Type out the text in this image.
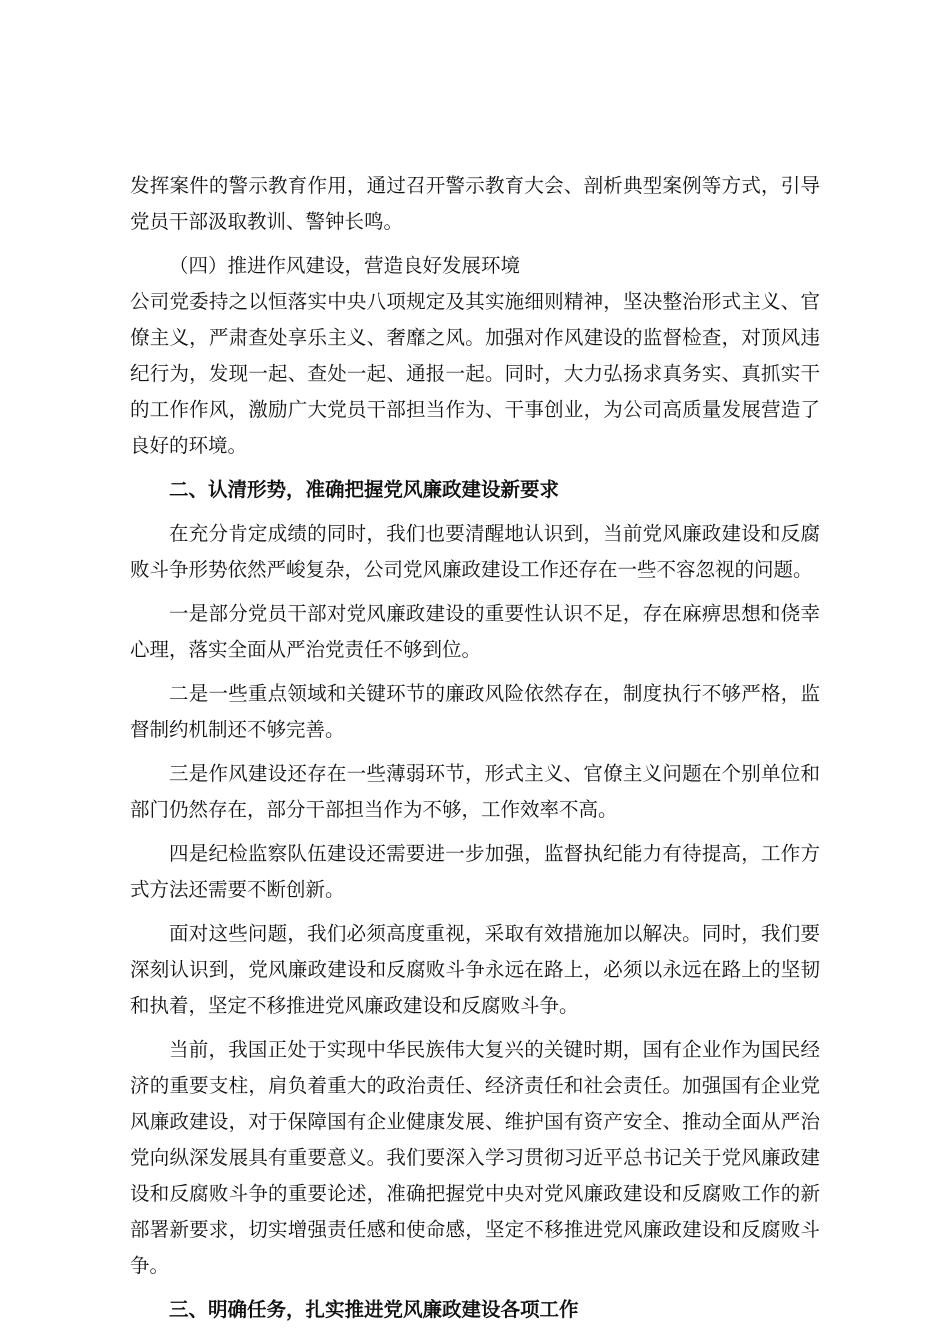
发挥案件的警示教育作用，通过召开警示教育大会、剖析典型案例等方式，引导党员干部汲取教训、警钟长鸣。

（四）推进作风建设，营造良好发展环境

公司党委持之以恒落实中央八项规定及其实施细则精神，坚决整治形式主义、官僚主义，严肃查处享乐主义、奢靡之风。加强对作风建设的监督检查，对顶风违纪行为，发现一起、查处一起、通报一起。同时，大力弘扬求真务实、真抓实干的工作作风，激励广大党员干部担当作为、干事创业，为公司高质量发展营造了良好的环境。

二、认清形势，准确把握党风廉政建设新要求

在充分肯定成绩的同时，我们也要清醒地认识到，当前党风廉政建设和反腐败斗争形势依然严峻复杂，公司党风廉政建设工作还存在一些不容忽视的问题。

一是部分党员干部对党风廉政建设的重要性认识不足，存在麻痹思想和侥幸心理，落实全面从严治党责任不够到位。

二是一些重点领域和关键环节的廉政风险依然存在，制度执行不够严格，监督制约机制还不够完善。

三是作风建设还存在一些薄弱环节，形式主义、官僚主义问题在个别单位和部门仍然存在，部分干部担当作为不够，工作效率不高。

四是纪检监察队伍建设还需要进一步加强，监督执纪能力有待提高，工作方式方法还需要不断创新。

面对这些问题，我们必须高度重视，采取有效措施加以解决。同时，我们要深刻认识到，党风廉政建设和反腐败斗争永远在路上，必须以永远在路上的坚韧和执着，坚定不移推进党风廉政建设和反腐败斗争。

当前，我国正处于实现中华民族伟大复兴的关键时期，国有企业作为国民经济的重要支柱，肩负着重大的政治责任、经济责任和社会责任。加强国有企业党风廉政建设，对于保障国有企业健康发展、维护国有资产安全、推动全面从严治党向纵深发展具有重要意义。我们要深入学习贯彻习近平总书记关于党风廉政建设和反腐败斗争的重要论述，准确把握党中央对党风廉政建设和反腐败工作的新部署新要求，切实增强责任感和使命感，坚定不移推进党风廉政建设和反腐败斗争。

三、明确任务，扎实推进党风廉政建设各项工作
